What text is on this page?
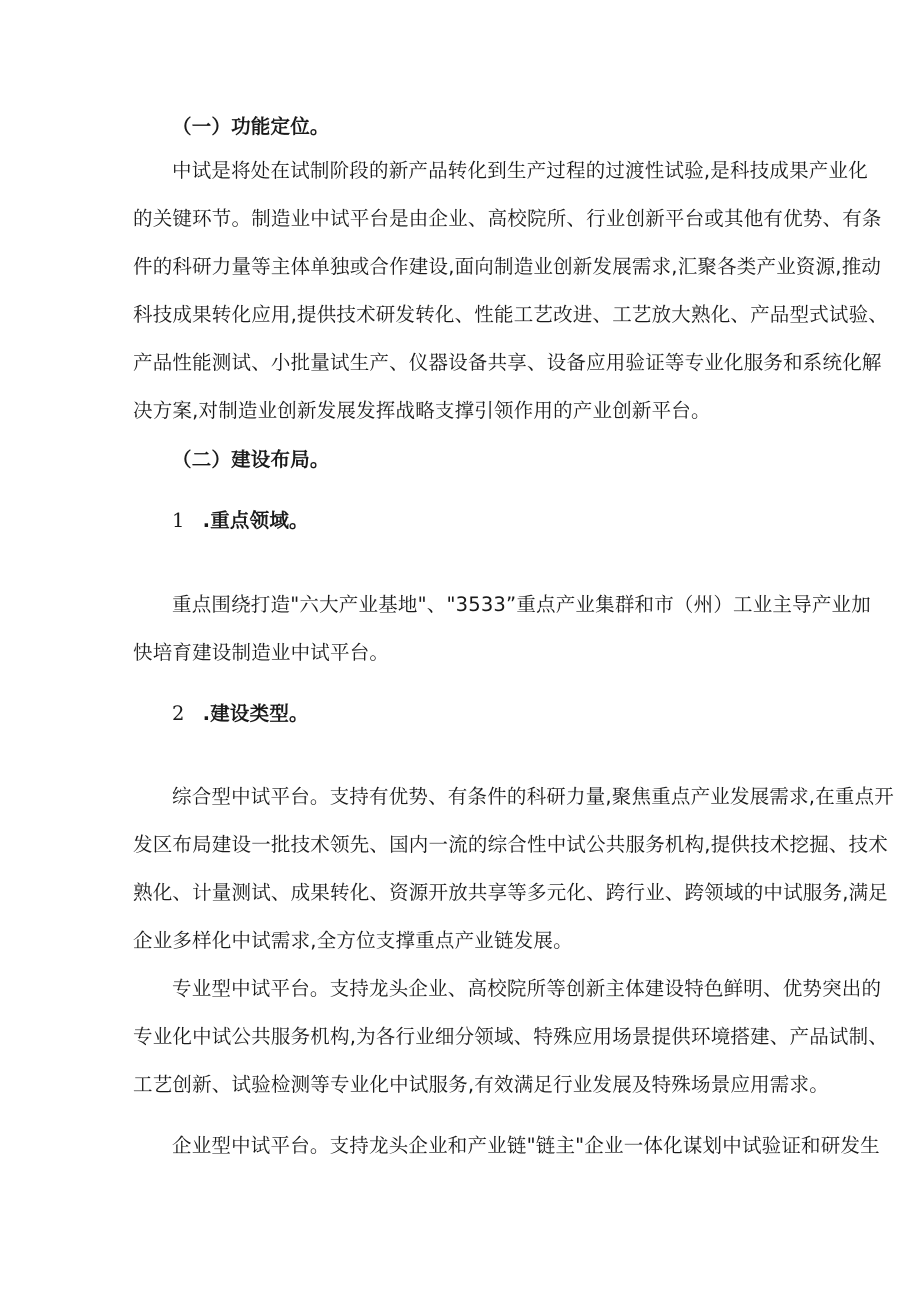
（一）功能定位。
中试是将处在试制阶段的新产品转化到生产过程的过渡性试验,是科技成果产业化
的关键环节。制造业中试平台是由企业、高校院所、行业创新平台或其他有优势、有条
件的科研力量等主体单独或合作建设,面向制造业创新发展需求,汇聚各类产业资源,推动
科技成果转化应用,提供技术研发转化、性能工艺改进、工艺放大熟化、产品型式试验、
产品性能测试、小批量试生产、仪器设备共享、设备应用验证等专业化服务和系统化解
决方案,对制造业创新发展发挥战略支撑引领作用的产业创新平台。
（二）建设布局。
1 .重点领域。
重点围绕打造"六大产业基地"、"3533”重点产业集群和市（州）工业主导产业加
快培育建设制造业中试平台。
2 .建设类型。
综合型中试平台。支持有优势、有条件的科研力量,聚焦重点产业发展需求,在重点开
发区布局建设一批技术领先、国内一流的综合性中试公共服务机构,提供技术挖掘、技术
熟化、计量测试、成果转化、资源开放共享等多元化、跨行业、跨领域的中试服务,满足
企业多样化中试需求,全方位支撑重点产业链发展。
专业型中试平台。支持龙头企业、高校院所等创新主体建设特色鲜明、优势突出的
专业化中试公共服务机构,为各行业细分领域、特殊应用场景提供环境搭建、产品试制、
工艺创新、试验检测等专业化中试服务,有效满足行业发展及特殊场景应用需求。
企业型中试平台。支持龙头企业和产业链"链主"企业一体化谋划中试验证和研发生
